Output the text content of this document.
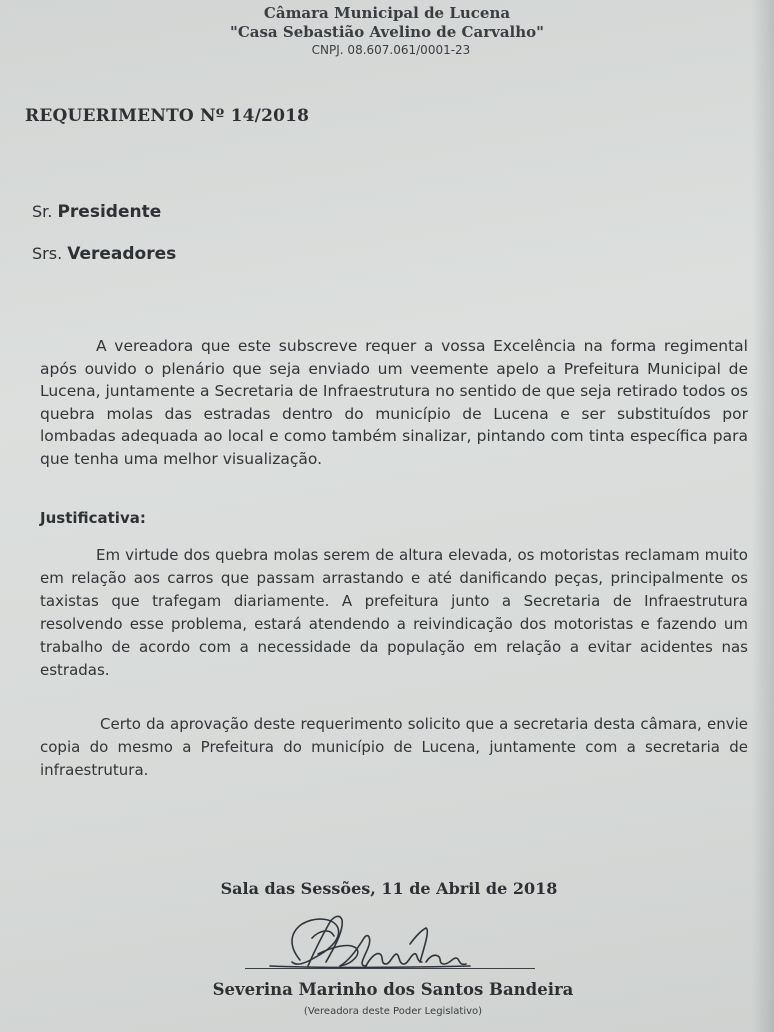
Câmara Municipal de Lucena
"Casa Sebastião Avelino de Carvalho"
CNPJ. 08.607.061/0001-23
REQUERIMENTO Nº 14/2018
Sr. Presidente
Srs. Vereadores
A vereadora que este subscreve requer a vossa Excelência na forma regimental após ouvido o plenário que seja enviado um veemente apelo a Prefeitura Municipal de Lucena, juntamente a Secretaria de Infraestrutura no sentido de que seja retirado todos os quebra molas das estradas dentro do município de Lucena e ser substituídos por lombadas adequada ao local e como também sinalizar, pintando com tinta específica para que tenha uma melhor visualização.
Justificativa:
Em virtude dos quebra molas serem de altura elevada, os motoristas reclamam muito em relação aos carros que passam arrastando e até danificando peças, principalmente os taxistas que trafegam diariamente. A prefeitura junto a Secretaria de Infraestrutura resolvendo esse problema, estará atendendo a reivindicação dos motoristas e fazendo um trabalho de acordo com a necessidade da população em relação a evitar acidentes nas estradas.
Certo da aprovação deste requerimento solicito que a secretaria desta câmara, envie copia do mesmo a Prefeitura do município de Lucena, juntamente com a secretaria de infraestrutura.
Sala das Sessões, 11 de Abril de 2018
Severina Marinho dos Santos Bandeira
(Vereadora deste Poder Legislativo)
